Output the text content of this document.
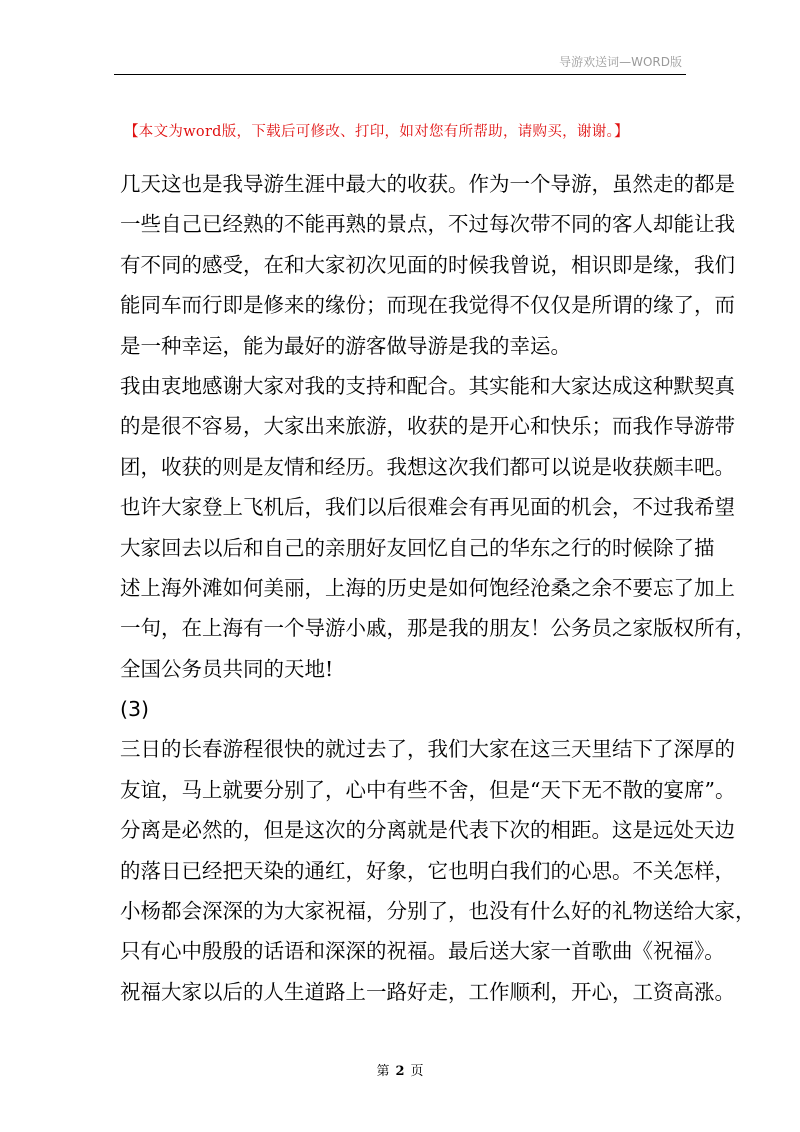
导游欢送词—WORD版
【本文为word版，下载后可修改、打印，如对您有所帮助，请购买，谢谢。】
几天这也是我导游生涯中最大的收获。作为一个导游，虽然走的都是
一些自己已经熟的不能再熟的景点，不过每次带不同的客人却能让我
有不同的感受，在和大家初次见面的时候我曾说，相识即是缘，我们
能同车而行即是修来的缘份；而现在我觉得不仅仅是所谓的缘了，而
是一种幸运，能为最好的游客做导游是我的幸运。
我由衷地感谢大家对我的支持和配合。其实能和大家达成这种默契真
的是很不容易，大家出来旅游，收获的是开心和快乐；而我作导游带
团，收获的则是友情和经历。我想这次我们都可以说是收获颇丰吧。
也许大家登上飞机后，我们以后很难会有再见面的机会，不过我希望
大家回去以后和自己的亲朋好友回忆自己的华东之行的时候除了描
述上海外滩如何美丽，上海的历史是如何饱经沧桑之余不要忘了加上
一句，在上海有一个导游小戚，那是我的朋友！公务员之家版权所有，
全国公务员共同的天地!
(3)
三日的长春游程很快的就过去了，我们大家在这三天里结下了深厚的
友谊，马上就要分别了，心中有些不舍，但是“天下无不散的宴席”。
分离是必然的，但是这次的分离就是代表下次的相距。这是远处天边
的落日已经把天染的通红，好象，它也明白我们的心思。不关怎样，
小杨都会深深的为大家祝福，分别了，也没有什么好的礼物送给大家，
只有心中殷殷的话语和深深的祝福。最后送大家一首歌曲《祝福》。
祝福大家以后的人生道路上一路好走，工作顺利，开心，工资高涨。
第 2 页
